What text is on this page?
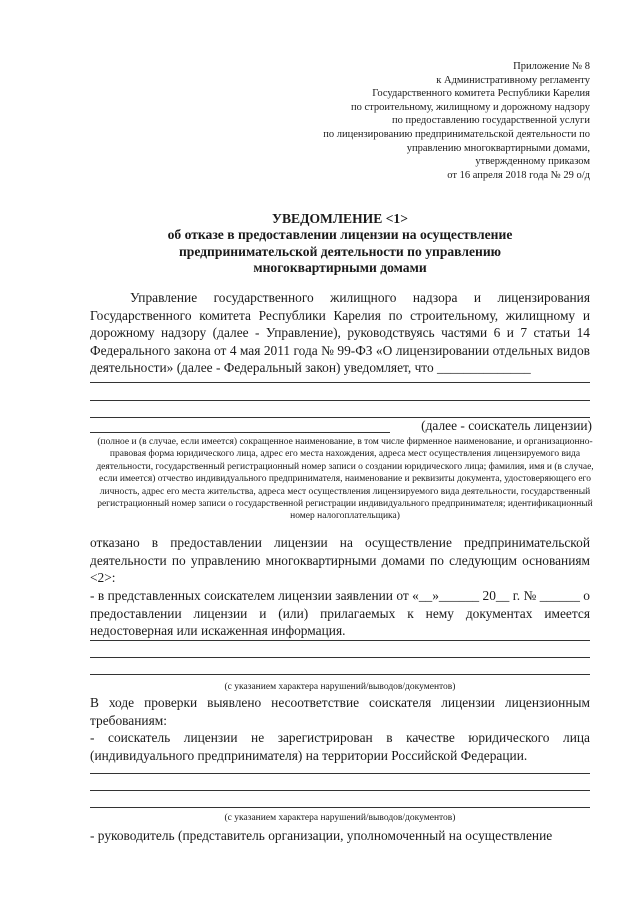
Приложение № 8
к Административному регламенту
Государственного комитета Республики Карелия
по строительному, жилищному и дорожному надзору
по предоставлению государственной услуги
по лицензированию предпринимательской деятельности по
управлению многоквартирными домами,
утвержденному приказом
от 16 апреля 2018 года № 29 о/д
УВЕДОМЛЕНИЕ <1>
об отказе в предоставлении лицензии на осуществление
предпринимательской деятельности по управлению
многоквартирными домами
Управление государственного жилищного надзора и лицензирования Государственного комитета Республики Карелия по строительному, жилищному и дорожному надзору (далее - Управление), руководствуясь частями 6 и 7 статьи 14 Федерального закона от 4 мая 2011 года № 99-ФЗ «О лицензировании отдельных видов деятельности» (далее - Федеральный закон) уведомляет, что ______________
(далее - соискатель лицензии)
(полное и (в случае, если имеется) сокращенное наименование, в том числе фирменное наименование, и организационно-правовая форма юридического лица, адрес его места нахождения, адреса мест осуществления лицензируемого вида деятельности, государственный регистрационный номер записи о создании юридического лица; фамилия, имя и (в случае, если имеется) отчество индивидуального предпринимателя, наименование и реквизиты документа, удостоверяющего его личность, адрес его места жительства, адреса мест осуществления лицензируемого вида деятельности, государственный регистрационный номер записи о государственной регистрации индивидуального предпринимателя; идентификационный номер налогоплательщика)
отказано в предоставлении лицензии на осуществление предпринимательской деятельности по управлению многоквартирными домами по следующим основаниям <2>:
- в представленных соискателем лицензии заявлении от «__»______ 20__ г. № ______ о предоставлении лицензии и (или) прилагаемых к нему документах имеется недостоверная или искаженная информация.
(с указанием характера нарушений/выводов/документов)
В ходе проверки выявлено несоответствие соискателя лицензии лицензионным требованиям:
- соискатель лицензии не зарегистрирован в качестве юридического лица (индивидуального предпринимателя) на территории Российской Федерации.
(с указанием характера нарушений/выводов/документов)
- руководитель (представитель организации, уполномоченный на осуществление
